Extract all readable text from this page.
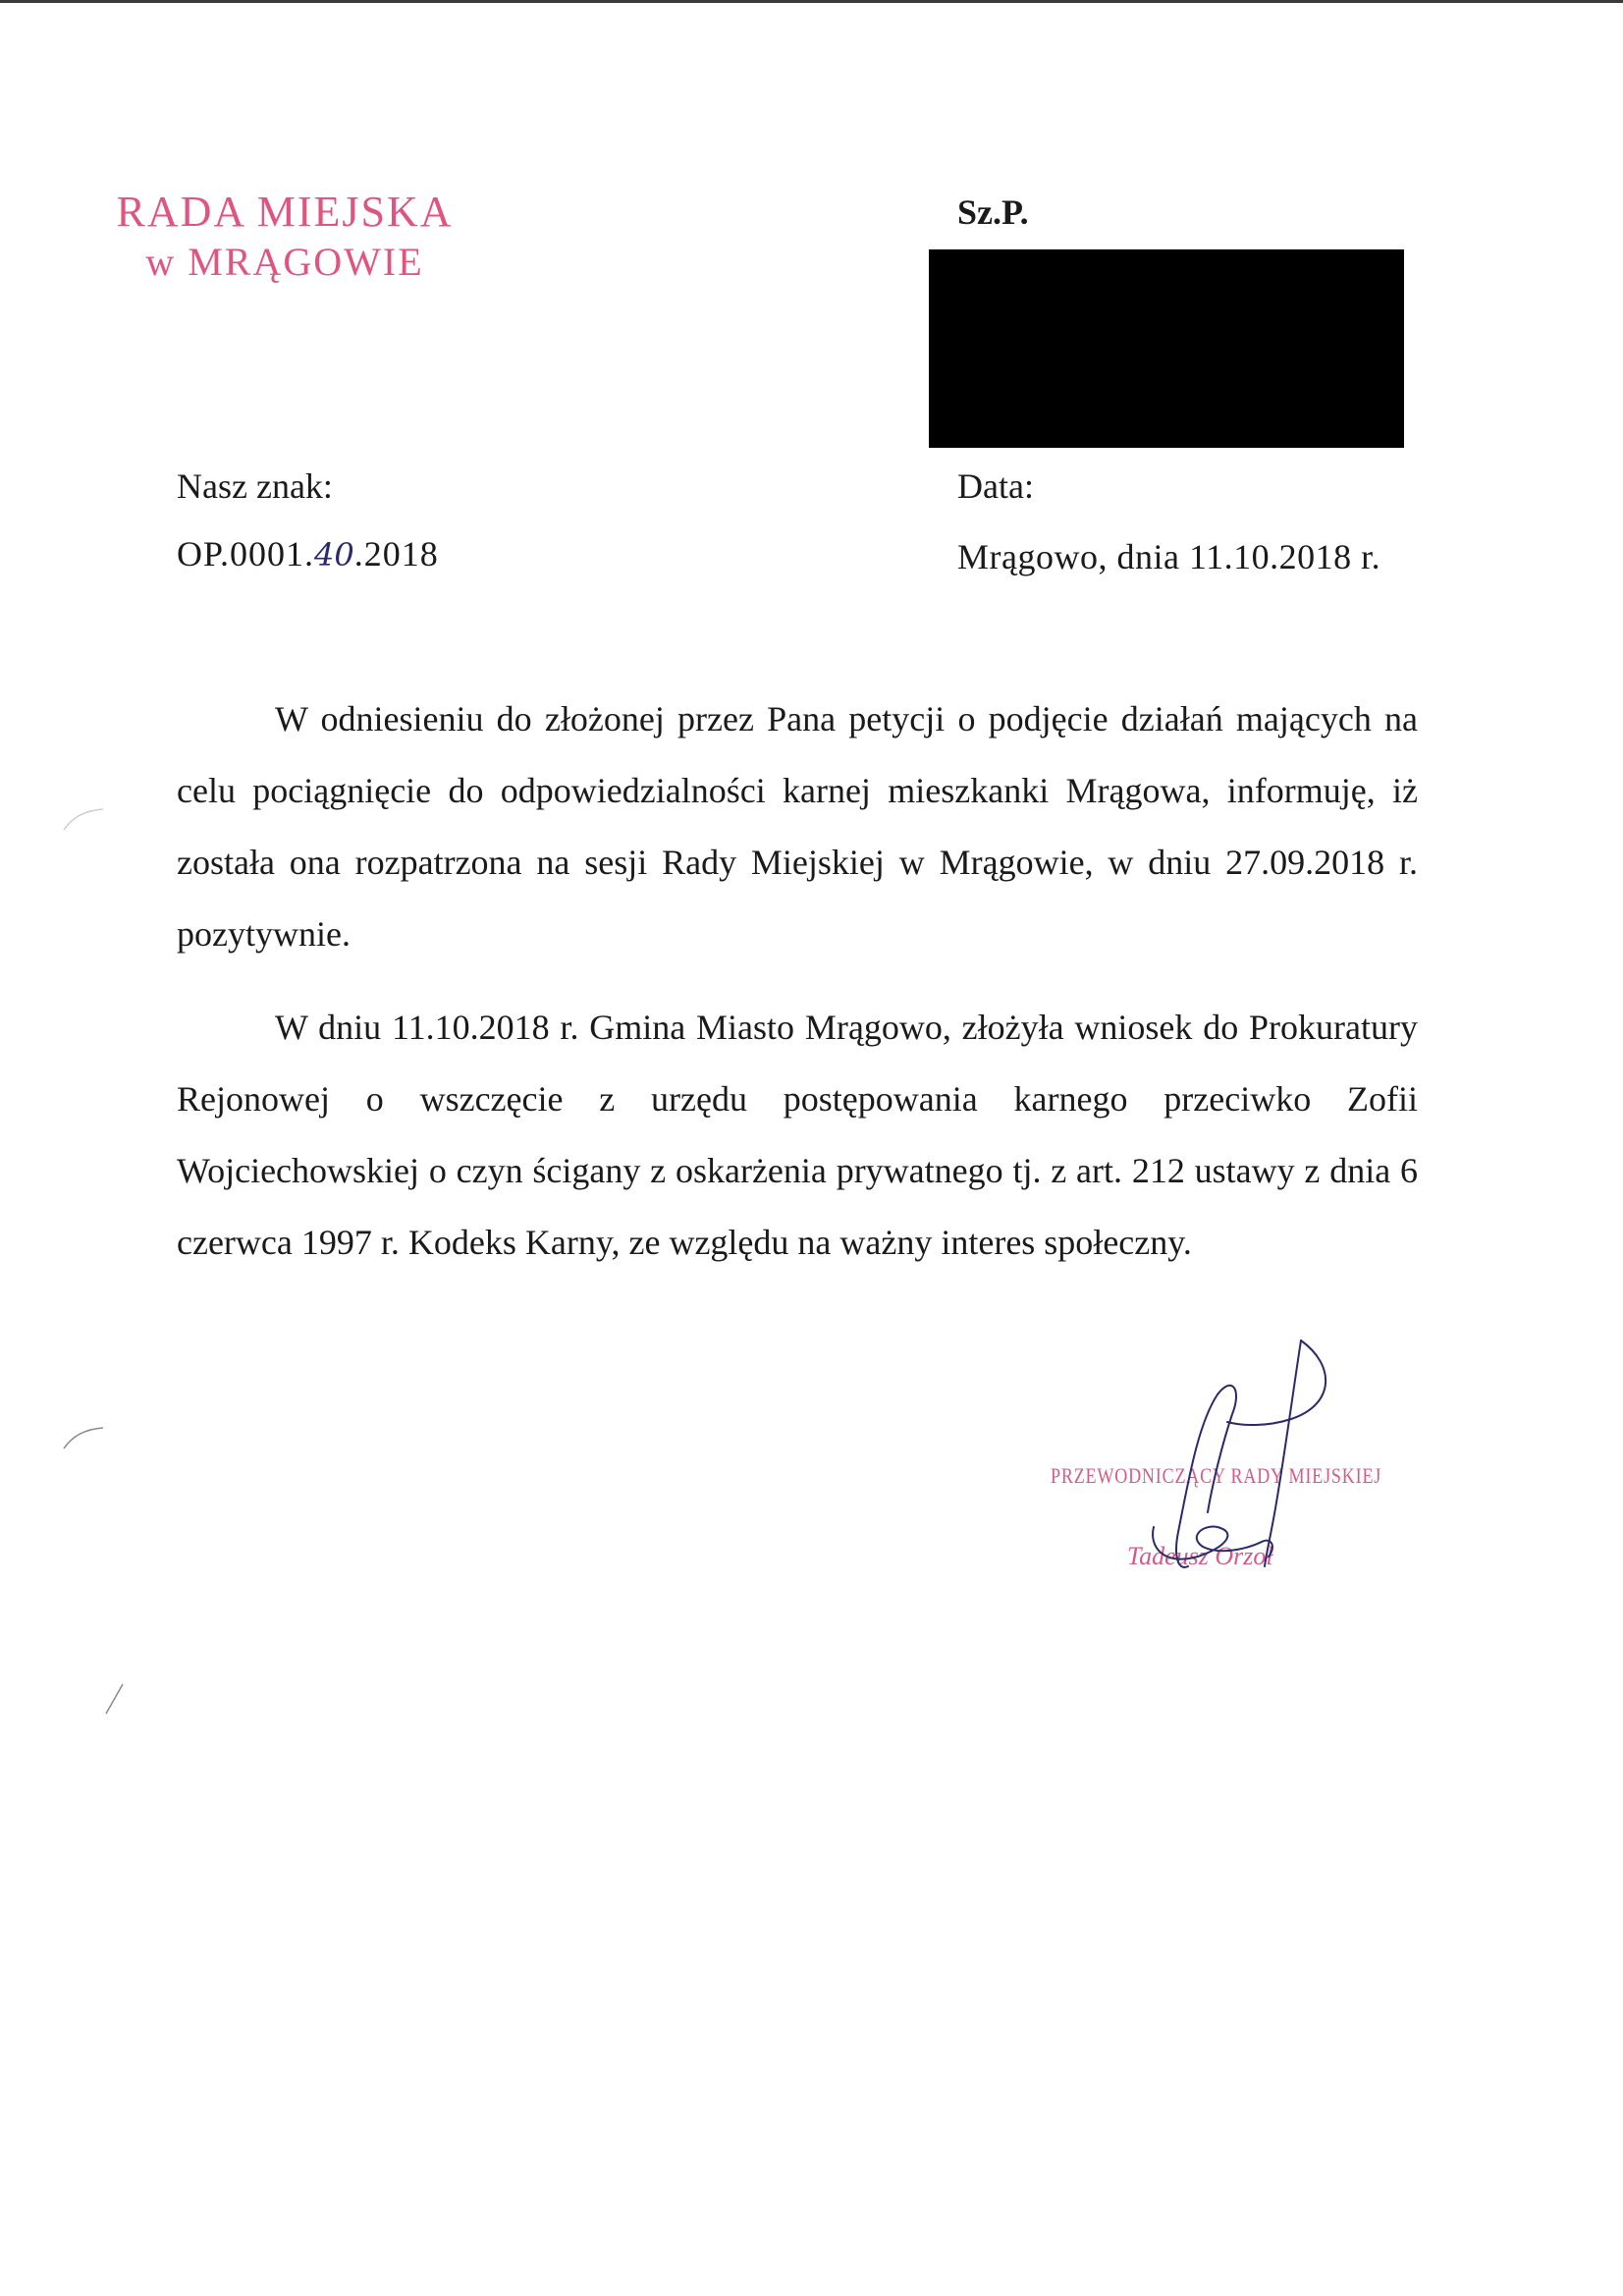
RADA MIEJSKA
w MRĄGOWIE
Sz.P.
Nasz znak:
OP.0001.40.2018
Data:
Mrągowo, dnia 11.10.2018 r.

W odniesieniu do złożonej przez Pana petycji o podjęcie działań mających na celu pociągnięcie do odpowiedzialności karnej mieszkanki Mrągowa, informuję, iż została ona rozpatrzona na sesji Rady Miejskiej w Mrągowie, w dniu 27.09.2018 r. pozytywnie.

W dniu 11.10.2018 r. Gmina Miasto Mrągowo, złożyła wniosek do Prokuratury Rejonowej o wszczęcie z urzędu postępowania karnego przeciwko Zofii Wojciechowskiej o czyn ścigany z oskarżenia prywatnego tj. z art. 212 ustawy z dnia 6 czerwca 1997 r. Kodeks Karny, ze względu na ważny interes społeczny.

PRZEWODNICZĄCY RADY MIEJSKIEJ
Tadeusz Orzoł
